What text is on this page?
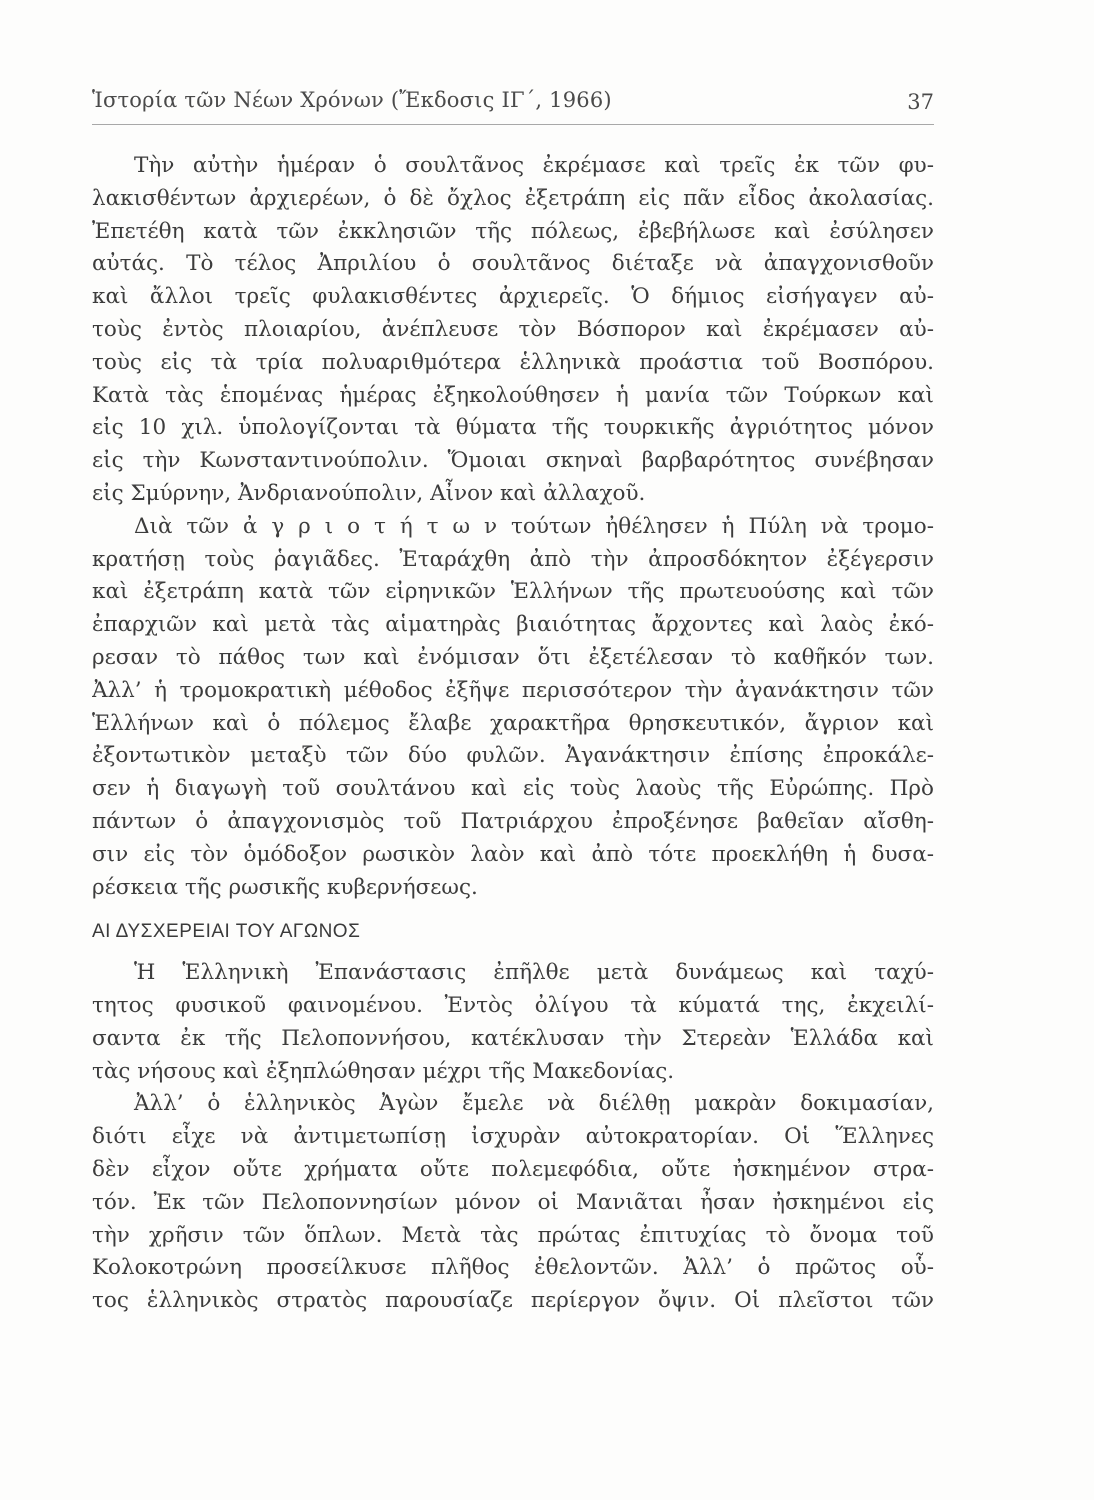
Ἱστορία τῶν Νέων Χρόνων (Ἔκδοσις ΙΓ΄, 1966)	37
Τὴν αὐτὴν ἡμέραν ὁ σουλτᾶνος ἐκρέμασε καὶ τρεῖς ἐκ τῶν φυ-
λακισθέντων ἀρχιερέων, ὁ δὲ ὄχλος ἐξετράπη εἰς πᾶν εἶδος ἀκολασίας.
Ἐπετέθη κατὰ τῶν ἐκκλησιῶν τῆς πόλεως, ἐβεβήλωσε καὶ ἐσύλησεν
αὐτάς. Τὸ τέλος Ἀπριλίου ὁ σουλτᾶνος διέταξε νὰ ἀπαγχονισθοῦν
καὶ ἄλλοι τρεῖς φυλακισθέντες ἀρχιερεῖς. Ὁ δήμιος εἰσήγαγεν αὐ-
τοὺς ἐντὸς πλοιαρίου, ἀνέπλευσε τὸν Βόσπορον καὶ ἐκρέμασεν αὐ-
τοὺς εἰς τὰ τρία πολυαριθμότερα ἑλληνικὰ προάστια τοῦ Βοσπόρου.
Κατὰ τὰς ἑπομένας ἡμέρας ἐξηκολούθησεν ἡ μανία τῶν Τούρκων καὶ
εἰς 10 χιλ. ὑπολογίζονται τὰ θύματα τῆς τουρκικῆς ἀγριότητος μόνον
εἰς τὴν Κωνσταντινούπολιν. Ὅμοιαι σκηναὶ βαρβαρότητος συνέβησαν
εἰς Σμύρνην, Ἀνδριανούπολιν, Αἶνον καὶ ἀλλαχοῦ.
Διὰ τῶν ἀ γ ρ ι ο τ ή τ ω ν τούτων ἠθέλησεν ἡ Πύλη νὰ τρομο-
κρατήσῃ τοὺς ῥαγιᾶδες. Ἐταράχθη ἀπὸ τὴν ἀπροσδόκητον ἐξέγερσιν
καὶ ἐξετράπη κατὰ τῶν εἰρηνικῶν Ἑλλήνων τῆς πρωτευούσης καὶ τῶν
ἐπαρχιῶν καὶ μετὰ τὰς αἱματηρὰς βιαιότητας ἄρχοντες καὶ λαὸς ἐκό-
ρεσαν τὸ πάθος των καὶ ἐνόμισαν ὅτι ἐξετέλεσαν τὸ καθῆκόν των.
Ἀλλ’ ἡ τρομοκρατικὴ μέθοδος ἐξῆψε περισσότερον τὴν ἀγανάκτησιν τῶν
Ἑλλήνων καὶ ὁ πόλεμος ἔλαβε χαρακτῆρα θρησκευτικόν, ἄγριον καὶ
ἐξοντωτικὸν μεταξὺ τῶν δύο φυλῶν. Ἀγανάκτησιν ἐπίσης ἐπροκάλε-
σεν ἡ διαγωγὴ τοῦ σουλτάνου καὶ εἰς τοὺς λαοὺς τῆς Εὐρώπης. Πρὸ
πάντων ὁ ἀπαγχονισμὸς τοῦ Πατριάρχου ἐπροξένησε βαθεῖαν αἴσθη-
σιν εἰς τὸν ὁμόδοξον ρωσικὸν λαὸν καὶ ἀπὸ τότε προεκλήθη ἡ δυσα-
ρέσκεια τῆς ρωσικῆς κυβερνήσεως.
ΑΙ ΔΥΣΧΕΡΕΙΑΙ ΤΟΥ ΑΓΩΝΟΣ
Ἡ Ἑλληνικὴ Ἐπανάστασις ἐπῆλθε μετὰ δυνάμεως καὶ ταχύ-
τητος φυσικοῦ φαινομένου. Ἐντὸς ὀλίγου τὰ κύματά της, ἐκχειλί-
σαντα ἐκ τῆς Πελοποννήσου, κατέκλυσαν τὴν Στερεὰν Ἑλλάδα καὶ
τὰς νήσους καὶ ἐξηπλώθησαν μέχρι τῆς Μακεδονίας.
Ἀλλ’ ὁ ἑλληνικὸς Ἀγὼν ἔμελε νὰ διέλθῃ μακρὰν δοκιμασίαν,
διότι εἶχε νὰ ἀντιμετωπίσῃ ἰσχυρὰν αὐτοκρατορίαν. Οἱ Ἕλληνες
δὲν εἶχον οὔτε χρήματα οὔτε πολεμεφόδια, οὔτε ἠσκημένον στρα-
τόν. Ἐκ τῶν Πελοποννησίων μόνον οἱ Μανιᾶται ἦσαν ἠσκημένοι εἰς
τὴν χρῆσιν τῶν ὅπλων. Μετὰ τὰς πρώτας ἐπιτυχίας τὸ ὄνομα τοῦ
Κολοκοτρώνη προσείλκυσε πλῆθος ἐθελοντῶν. Ἀλλ’ ὁ πρῶτος οὗ-
τος ἑλληνικὸς στρατὸς παρουσίαζε περίεργον ὄψιν. Οἱ πλεῖστοι τῶν
